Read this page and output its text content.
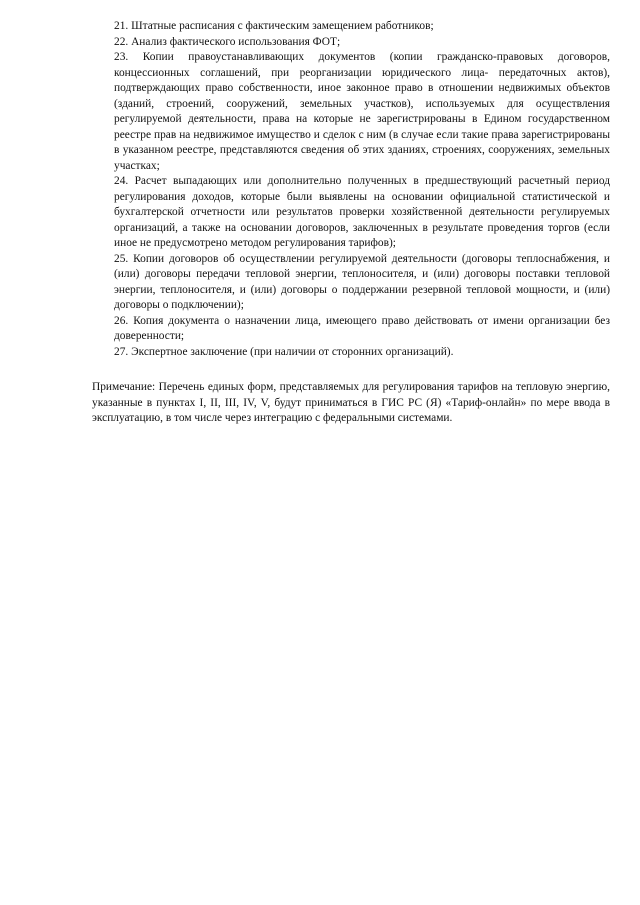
21. Штатные расписания с фактическим замещением работников;
22. Анализ фактического использования ФОТ;
23. Копии правоустанавливающих документов (копии гражданско-правовых договоров, концессионных соглашений, при реорганизации юридического лица- передаточных актов), подтверждающих право собственности, иное законное право в отношении недвижимых объектов (зданий, строений, сооружений, земельных участков), используемых для осуществления регулируемой деятельности, права на которые не зарегистрированы в Едином государственном реестре прав на недвижимое имущество и сделок с ним (в случае если такие права зарегистрированы в указанном реестре, представляются сведения об этих зданиях, строениях, сооружениях, земельных участках;
24. Расчет выпадающих или дополнительно полученных в предшествующий расчетный период регулирования доходов, которые были выявлены на основании официальной статистической и бухгалтерской отчетности или результатов проверки хозяйственной деятельности регулируемых организаций, а также на основании договоров, заключенных в результате проведения торгов (если иное не предусмотрено методом регулирования тарифов);
25. Копии договоров об осуществлении регулируемой деятельности (договоры теплоснабжения, и (или) договоры передачи тепловой энергии, теплоносителя, и (или) договоры поставки тепловой энергии, теплоносителя, и (или) договоры о поддержании резервной тепловой мощности, и (или) договоры о подключении);
26. Копия документа о назначении лица, имеющего право действовать от имени организации без доверенности;
27. Экспертное заключение (при наличии от сторонних организаций).
Примечание: Перечень единых форм, представляемых для регулирования тарифов на тепловую энергию, указанные в пунктах I, II, III, IV, V, будут приниматься в ГИС РС (Я) «Тариф-онлайн» по мере ввода в эксплуатацию, в том числе через интеграцию с федеральными системами.
